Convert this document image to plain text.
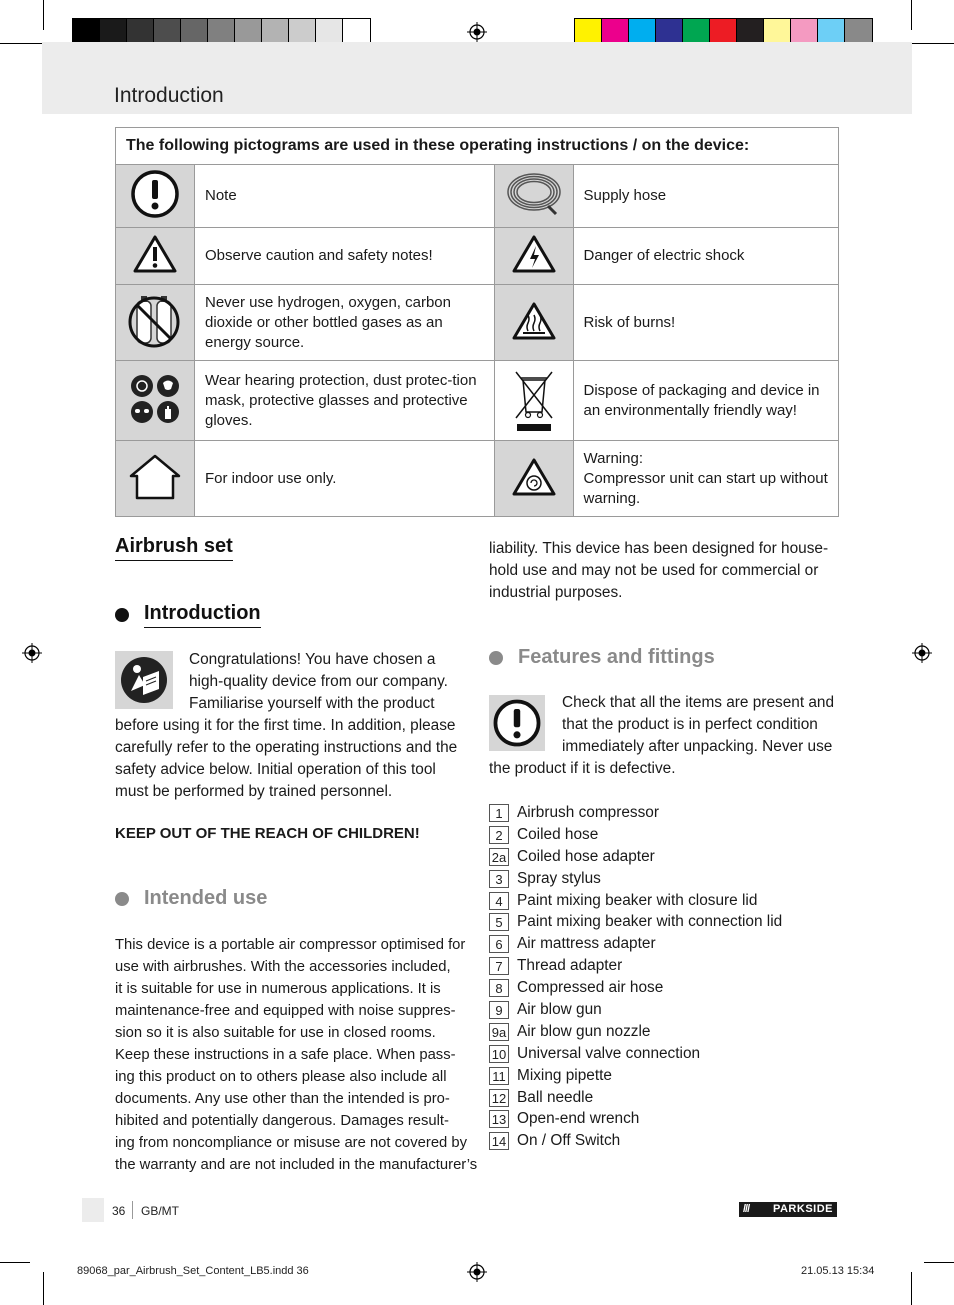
Introduction
The following pictograms are used in these operating instructions / on the device:			
	Note		Supply hose
	Observe caution and safety notes!		Danger of electric shock
	Never use hydrogen, oxygen, carbon dioxide or other bottled gases as an energy source.		Risk of burns!
	Wear hearing protection, dust protec-tion mask, protective glasses and protective gloves.		Dispose of packaging and device in an environmentally friendly way!
	For indoor use only.		Warning:
Compressor unit can start up without warning.
Airbrush set
Introduction
Congratulations! You have chosen a
high-quality device from our company.
Familiarise yourself with the product
before using it for the first time. In addition, please
carefully refer to the operating instructions and the
safety advice below. Initial operation of this tool
must be performed by trained personnel.
KEEP OUT OF THE REACH OF CHILDREN!
Intended use
This device is a portable air compressor optimised for
use with airbrushes. With the accessories included,
it is suitable for use in numerous applications. It is
maintenance-free and equipped with noise suppres-
sion so it is also suitable for use in closed rooms.
Keep these instructions in a safe place. When pass-
ing this product on to others please also include all
documents. Any use other than the intended is pro-
hibited and potentially dangerous. Damages result-
ing from noncompliance or misuse are not covered by
the warranty and are not included in the manufacturer’s
liability. This device has been designed for house-
hold use and may not be used for commercial or
industrial purposes.
Features and fittings
Check that all the items are present and
that the product is in perfect condition
immediately after unpacking. Never use
the product if it is defective.
1 Airbrush compressor
2 Coiled hose
2a Coiled hose adapter
3 Spray stylus
4 Paint mixing beaker with closure lid
5 Paint mixing beaker with connection lid
6 Air mattress adapter
7 Thread adapter
8 Compressed air hose
9 Air blow gun
9a Air blow gun nozzle
10 Universal valve connection
11 Mixing pipette
12 Ball needle
13 Open-end wrench
14 On / Off Switch
36 GB/MT	/// PARKSIDE
89068_par_Airbrush_Set_Content_LB5.indd 36	21.05.13 15:34
